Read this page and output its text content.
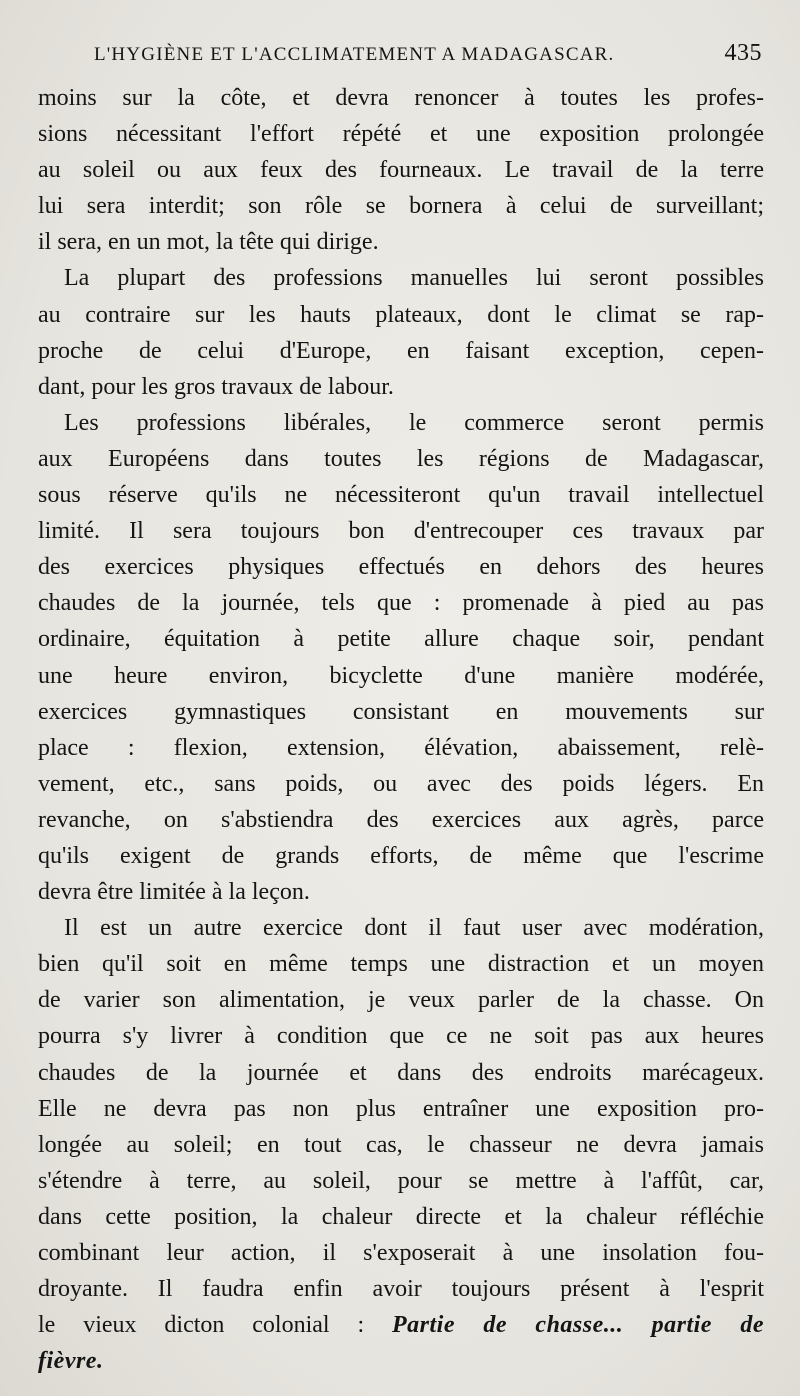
L'HYGIÈNE ET L'ACCLIMATEMENT A MADAGASCAR.	435

moins sur la côte, et devra renoncer à toutes les profes-
sions nécessitant l'effort répété et une exposition prolongée
au soleil ou aux feux des fourneaux. Le travail de la terre
lui sera interdit; son rôle se bornera à celui de surveillant;
il sera, en un mot, la tête qui dirige.

La plupart des professions manuelles lui seront possibles
au contraire sur les hauts plateaux, dont le climat se rap-
proche de celui d'Europe, en faisant exception, cepen-
dant, pour les gros travaux de labour.

Les professions libérales, le commerce seront permis
aux Européens dans toutes les régions de Madagascar,
sous réserve qu'ils ne nécessiteront qu'un travail intellectuel
limité. Il sera toujours bon d'entrecouper ces travaux par
des exercices physiques effectués en dehors des heures
chaudes de la journée, tels que : promenade à pied au pas
ordinaire, équitation à petite allure chaque soir, pendant
une heure environ, bicyclette d'une manière modérée,
exercices gymnastiques consistant en mouvements sur
place : flexion, extension, élévation, abaissement, relè-
vement, etc., sans poids, ou avec des poids légers. En
revanche, on s'abstiendra des exercices aux agrès, parce
qu'ils exigent de grands efforts, de même que l'escrime
devra être limitée à la leçon.

Il est un autre exercice dont il faut user avec modération,
bien qu'il soit en même temps une distraction et un moyen
de varier son alimentation, je veux parler de la chasse. On
pourra s'y livrer à condition que ce ne soit pas aux heures
chaudes de la journée et dans des endroits marécageux.
Elle ne devra pas non plus entraîner une exposition pro-
longée au soleil; en tout cas, le chasseur ne devra jamais
s'étendre à terre, au soleil, pour se mettre à l'affût, car,
dans cette position, la chaleur directe et la chaleur réfléchie
combinant leur action, il s'exposerait à une insolation fou-
droyante. Il faudra enfin avoir toujours présent à l'esprit
le vieux dicton colonial : Partie de chasse... partie de
fièvre.
